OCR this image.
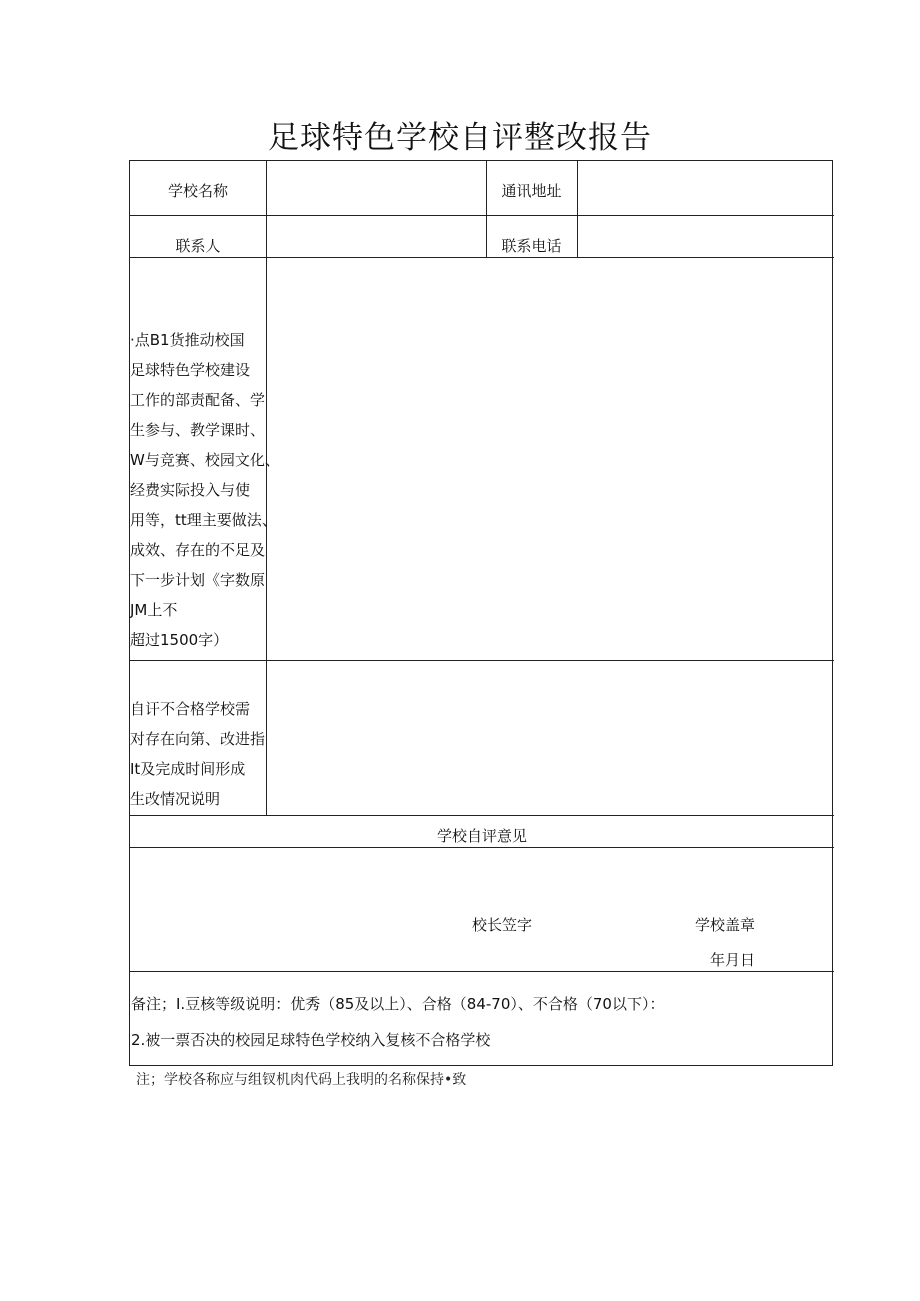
足球特色学校自评整改报告
学校名称	通讯地址
联系人	联系电话
·点B1货推动校国
足球特色学校建设
工作的部责配备、学
生参与、教学课时、
W与竞赛、校园文化、
经费实际投入与使
用等，tt理主要做法、
成效、存在的不足及
下一步计划《字数原
JM上不
超过1500字）
自讦不合格学校需
对存在向第、改进指
It及完成时间形成
生改情况说明
学校自评意见
校长笠字	学校盖章
年月日
备注；I.豆核等级说明：优秀（85及以上）、合格（84-70）、不合格（70以下）：
2.被一票否决的校园足球特色学校纳入复核不合格学校
注；学校各称应与组钗机肉代码上我明的名称保持•致
